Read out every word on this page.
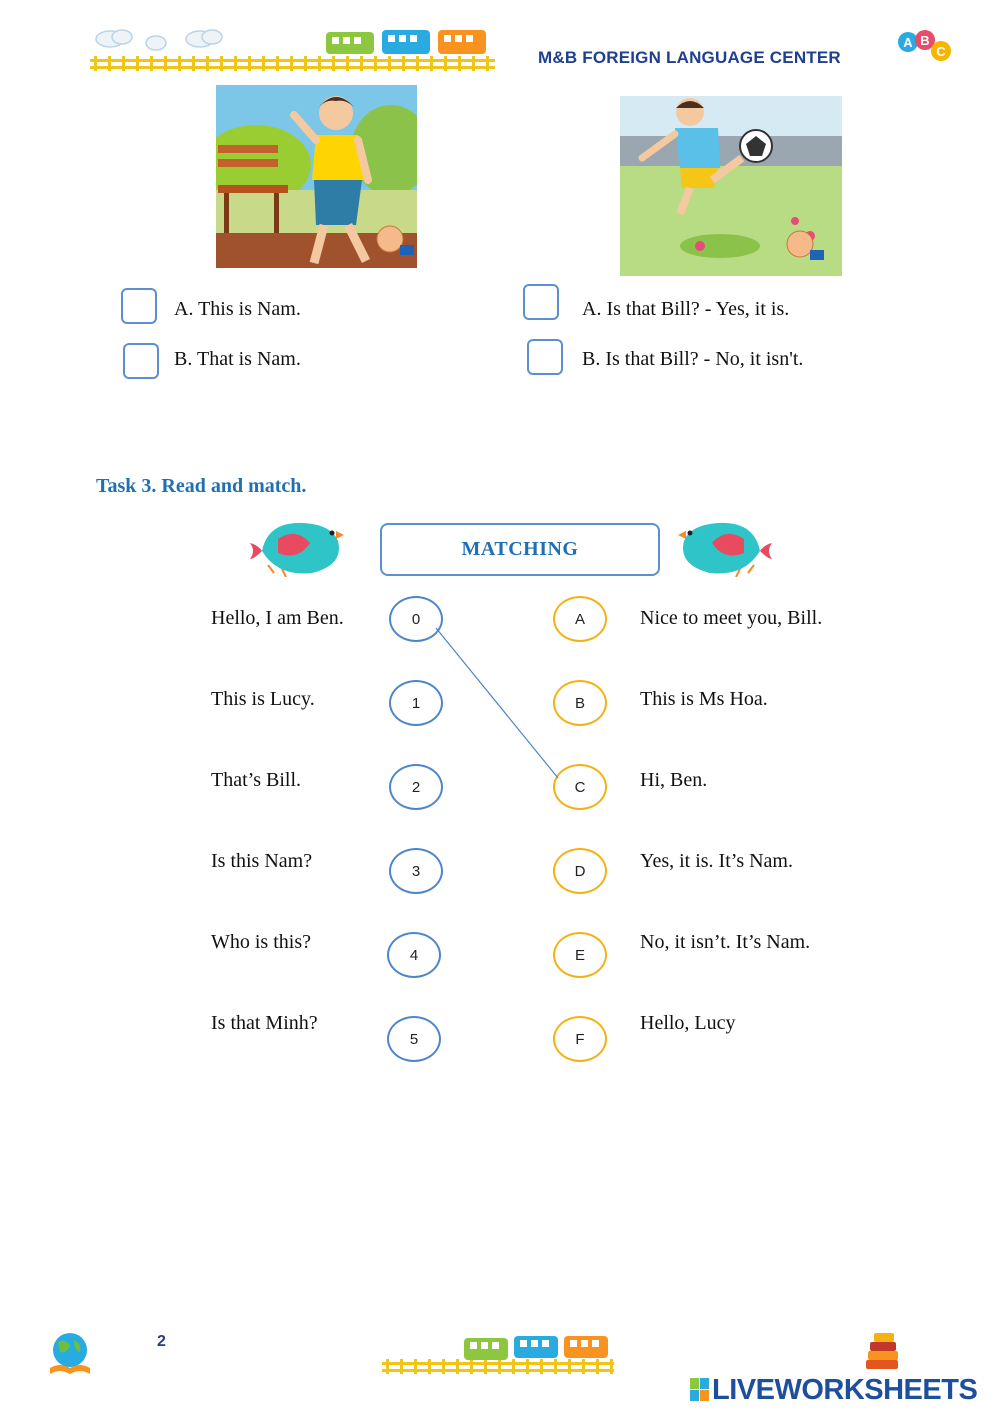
M&B FOREIGN LANGUAGE CENTER
A B
C
A. This is Nam.
B. That is Nam.
A. Is that Bill? - Yes, it is.
B. Is that Bill? - No, it isn't.
Task 3. Read and match.
MATCHING
Hello, I am Ben.
This is Lucy.
That’s Bill.
Is this Nam?
Who is this?
Is that Minh?
0
1
2
3
4
5
A
B
C
D
E
F
Nice to meet you, Bill.
This is Ms Hoa.
Hi, Ben.
Yes, it is. It’s Nam.
No, it isn’t. It’s Nam.
Hello, Lucy
2
LIVEWORKSHEETS
